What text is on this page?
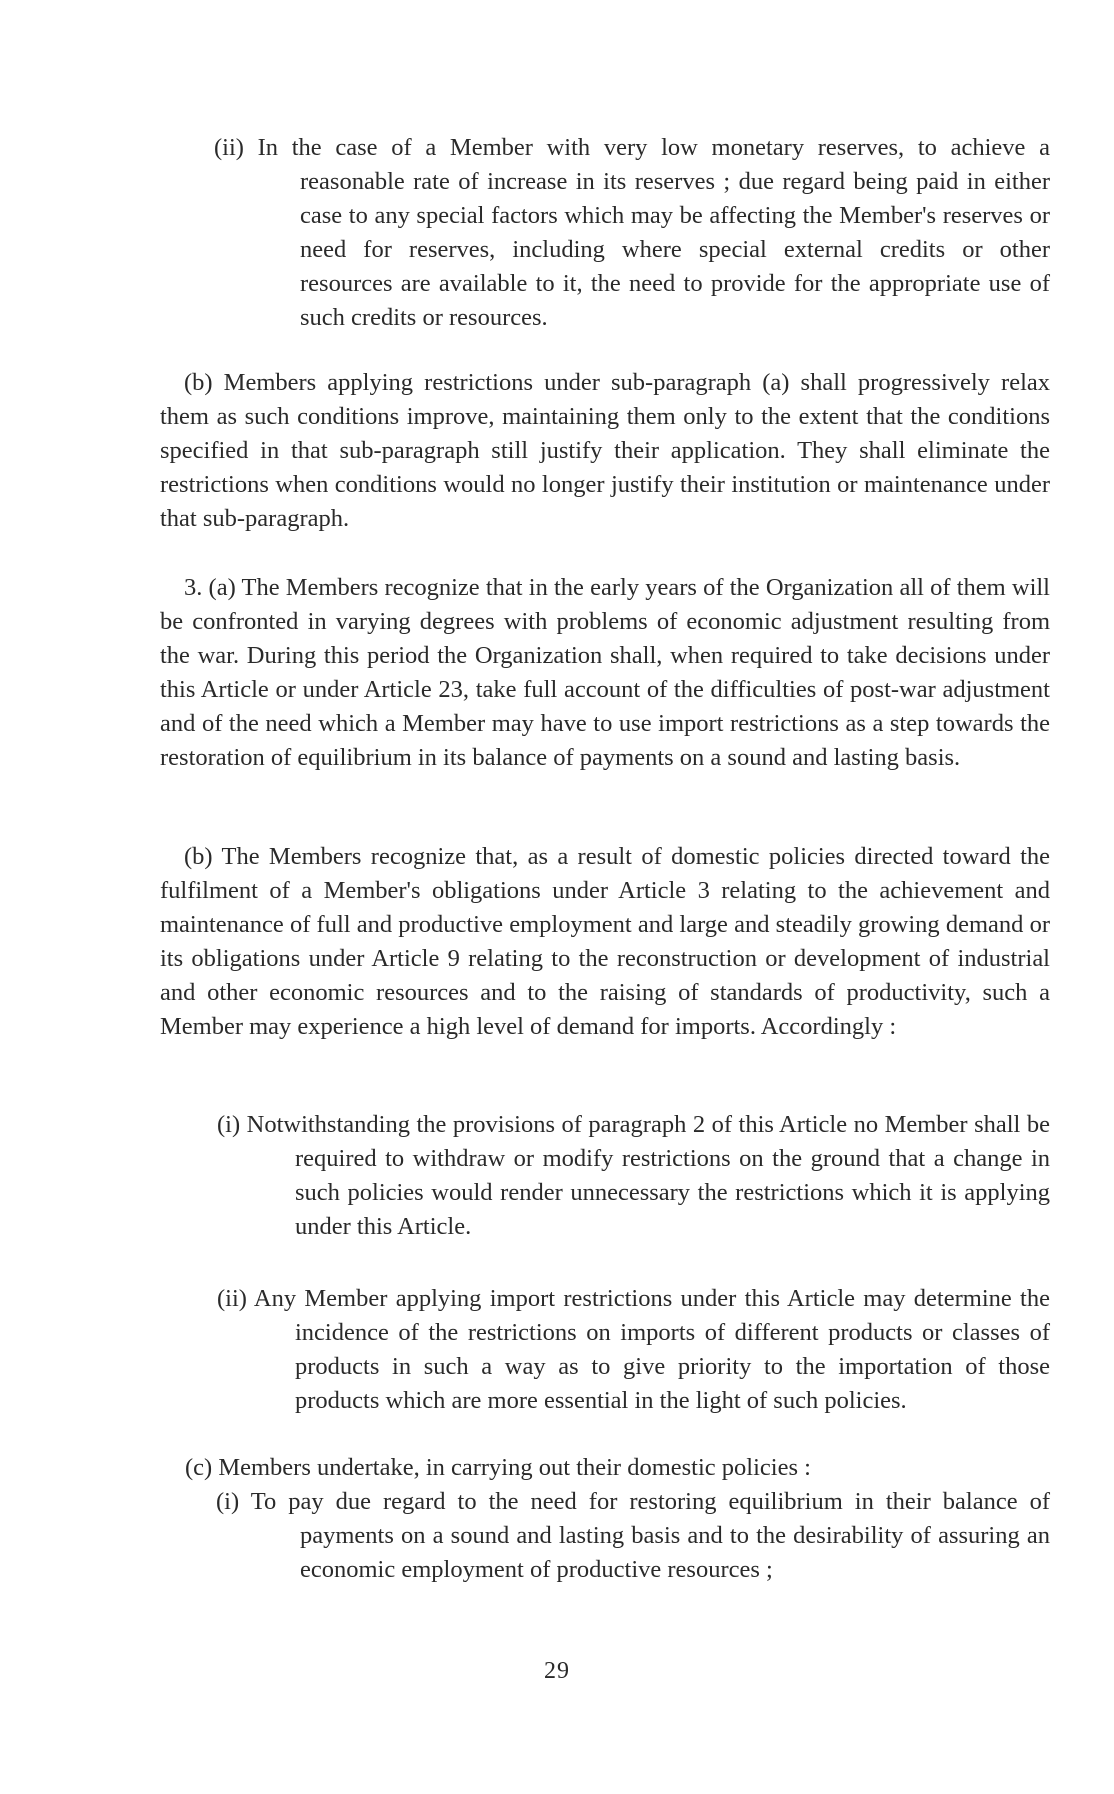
(ii) In the case of a Member with very low monetary reserves, to achieve a reasonable rate of increase in its reserves ; due regard being paid in either case to any special factors which may be affecting the Member's reserves or need for reserves, including where special external credits or other resources are available to it, the need to provide for the appropriate use of such credits or resources.

(b) Members applying restrictions under sub-paragraph (a) shall progressively relax them as such conditions improve, maintaining them only to the extent that the conditions specified in that sub-paragraph still justify their application. They shall eliminate the restrictions when conditions would no longer justify their institution or maintenance under that sub-paragraph.

3. (a) The Members recognize that in the early years of the Organization all of them will be confronted in varying degrees with problems of economic adjustment resulting from the war. During this period the Organization shall, when required to take decisions under this Article or under Article 23, take full account of the difficulties of post-war adjustment and of the need which a Member may have to use import restrictions as a step towards the restoration of equilibrium in its balance of payments on a sound and lasting basis.

(b) The Members recognize that, as a result of domestic policies directed toward the fulfilment of a Member's obligations under Article 3 relating to the achievement and maintenance of full and productive employment and large and steadily growing demand or its obligations under Article 9 relating to the reconstruction or development of industrial and other economic resources and to the raising of standards of productivity, such a Member may experience a high level of demand for imports. Accordingly :

(i) Notwithstanding the provisions of paragraph 2 of this Article no Member shall be required to withdraw or modify restrictions on the ground that a change in such policies would render unnecessary the restrictions which it is applying under this Article.

(ii) Any Member applying import restrictions under this Article may determine the incidence of the restrictions on imports of different products or classes of products in such a way as to give priority to the importation of those products which are more essential in the light of such policies.

(c) Members undertake, in carrying out their domestic policies :

(i) To pay due regard to the need for restoring equilibrium in their balance of payments on a sound and lasting basis and to the desirability of assuring an economic employment of productive resources ;

29
